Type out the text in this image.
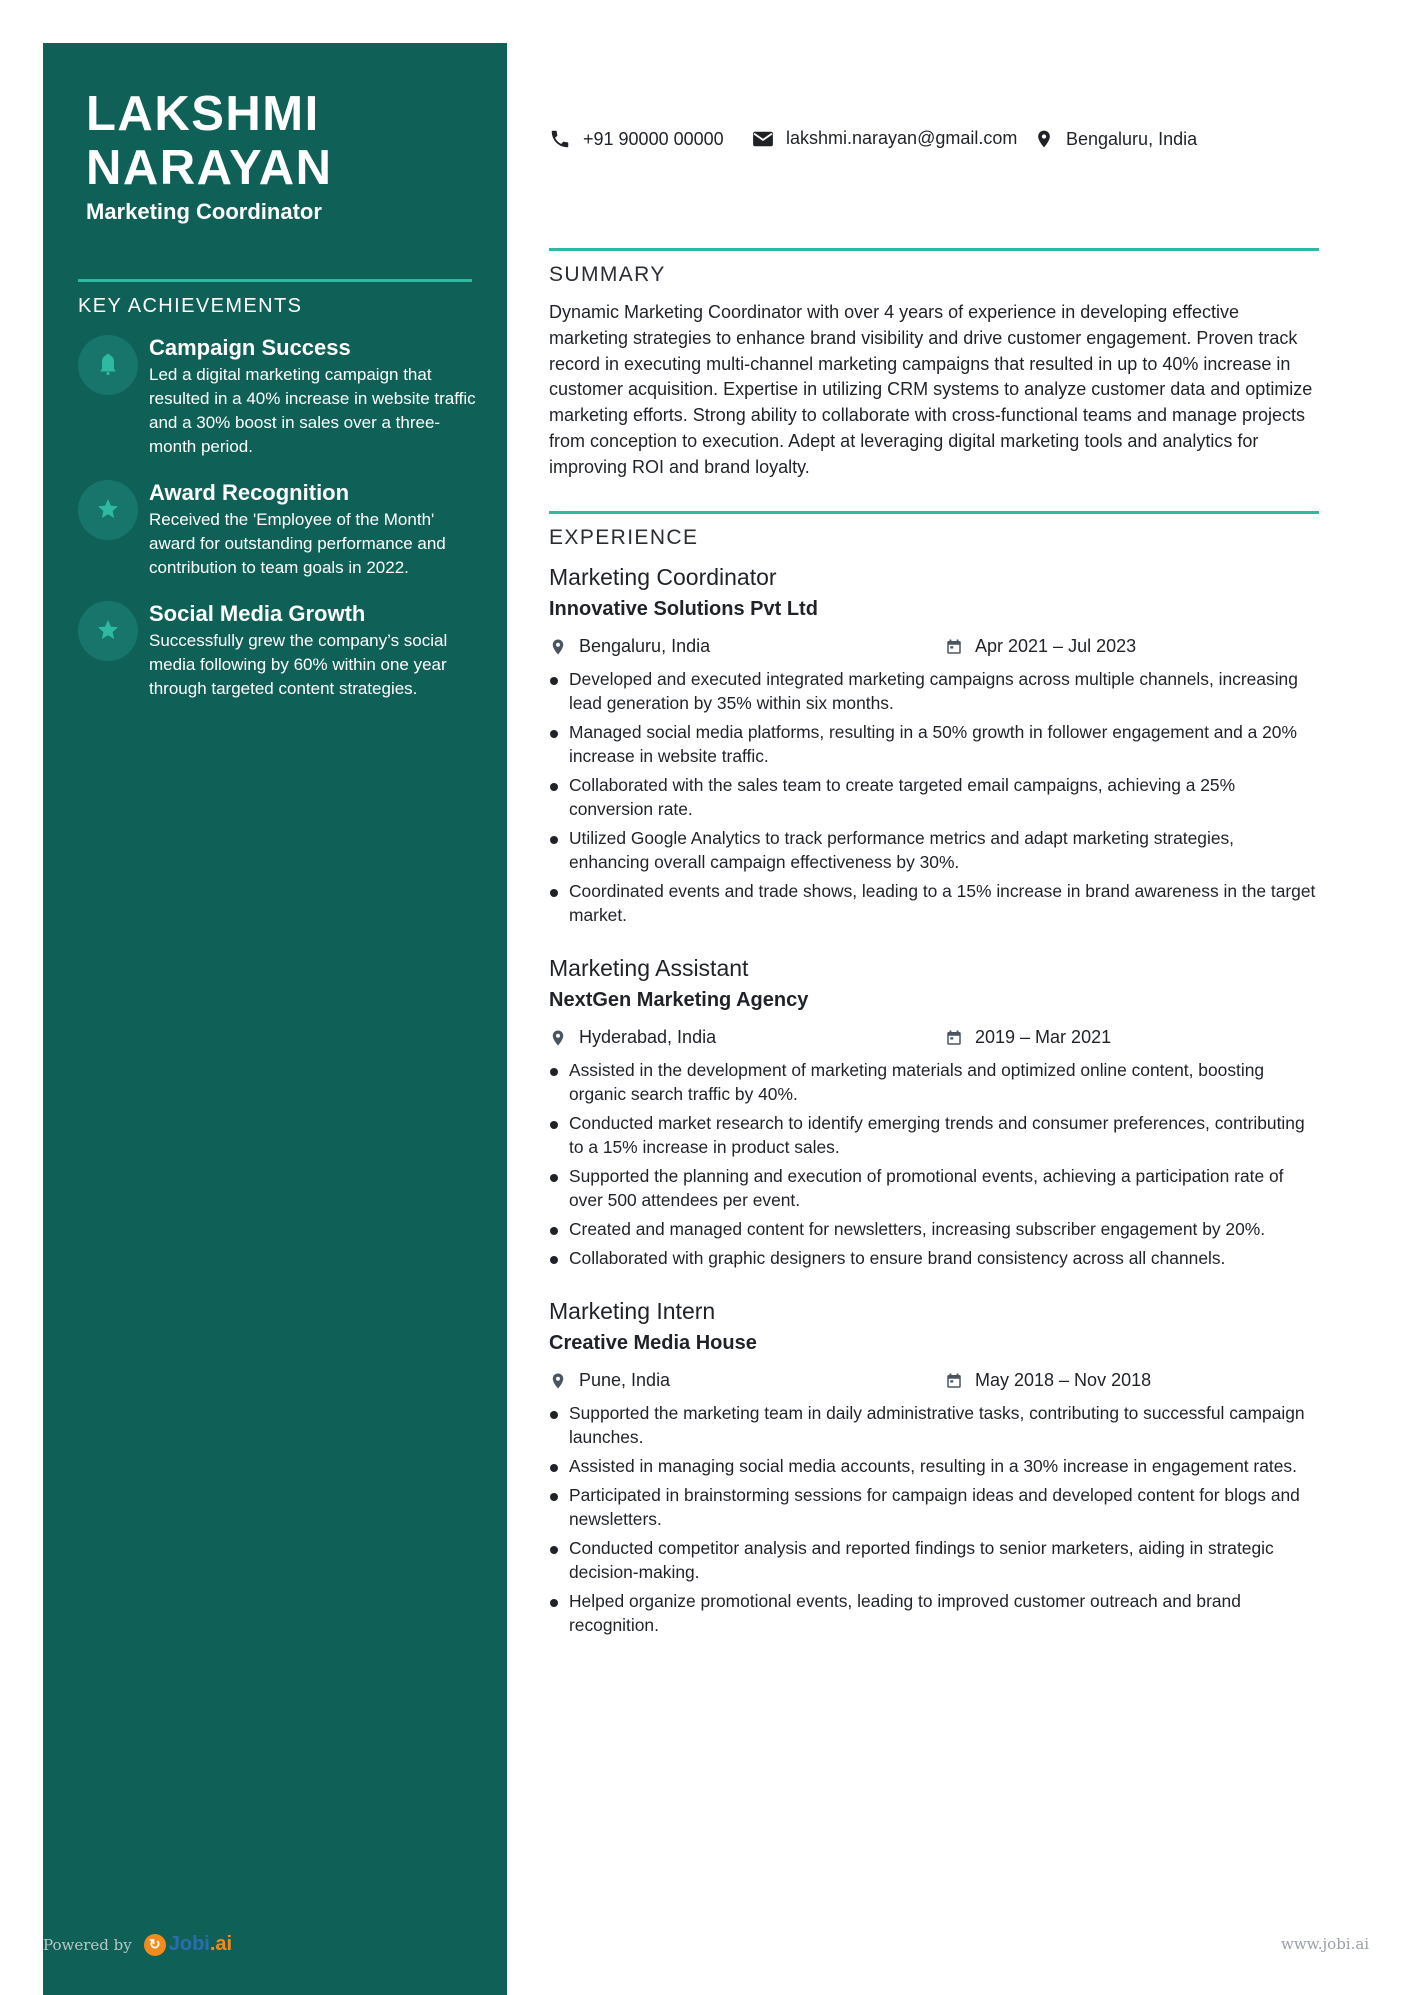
LAKSHMI
NARAYAN
Marketing Coordinator
KEY ACHIEVEMENTS
Campaign Success
Led a digital marketing campaign that resulted in a 40% increase in website traffic and a 30% boost in sales over a three-month period.
Award Recognition
Received the 'Employee of the Month' award for outstanding performance and contribution to team goals in 2022.
Social Media Growth
Successfully grew the company’s social media following by 60% within one year through targeted content strategies.
+91 90000 00000	lakshmi.narayan@gmail.com	Bengaluru, India
SUMMARY

Dynamic Marketing Coordinator with over 4 years of experience in developing effective marketing strategies to enhance brand visibility and drive customer engagement. Proven track record in executing multi-channel marketing campaigns that resulted in up to 40% increase in customer acquisition. Expertise in utilizing CRM systems to analyze customer data and optimize marketing efforts. Strong ability to collaborate with cross-functional teams and manage projects from conception to execution. Adept at leveraging digital marketing tools and analytics for improving ROI and brand loyalty.

EXPERIENCE
Marketing Coordinator
Innovative Solutions Pvt Ltd
Bengaluru, India	Apr 2021 – Jul 2023
Developed and executed integrated marketing campaigns across multiple channels, increasing lead generation by 35% within six months.
Managed social media platforms, resulting in a 50% growth in follower engagement and a 20% increase in website traffic.
Collaborated with the sales team to create targeted email campaigns, achieving a 25% conversion rate.
Utilized Google Analytics to track performance metrics and adapt marketing strategies, enhancing overall campaign effectiveness by 30%.
Coordinated events and trade shows, leading to a 15% increase in brand awareness in the target market.
Marketing Assistant
NextGen Marketing Agency
Hyderabad, India	2019 – Mar 2021
Assisted in the development of marketing materials and optimized online content, boosting organic search traffic by 40%.
Conducted market research to identify emerging trends and consumer preferences, contributing to a 15% increase in product sales.
Supported the planning and execution of promotional events, achieving a participation rate of over 500 attendees per event.
Created and managed content for newsletters, increasing subscriber engagement by 20%.
Collaborated with graphic designers to ensure brand consistency across all channels.
Marketing Intern
Creative Media House
Pune, India	May 2018 – Nov 2018
Supported the marketing team in daily administrative tasks, contributing to successful campaign launches.
Assisted in managing social media accounts, resulting in a 30% increase in engagement rates.
Participated in brainstorming sessions for campaign ideas and developed content for blogs and newsletters.
Conducted competitor analysis and reported findings to senior marketers, aiding in strategic decision-making.
Helped organize promotional events, leading to improved customer outreach and brand recognition.
Powered by	↻ Jobi .ai	www.jobi.ai
